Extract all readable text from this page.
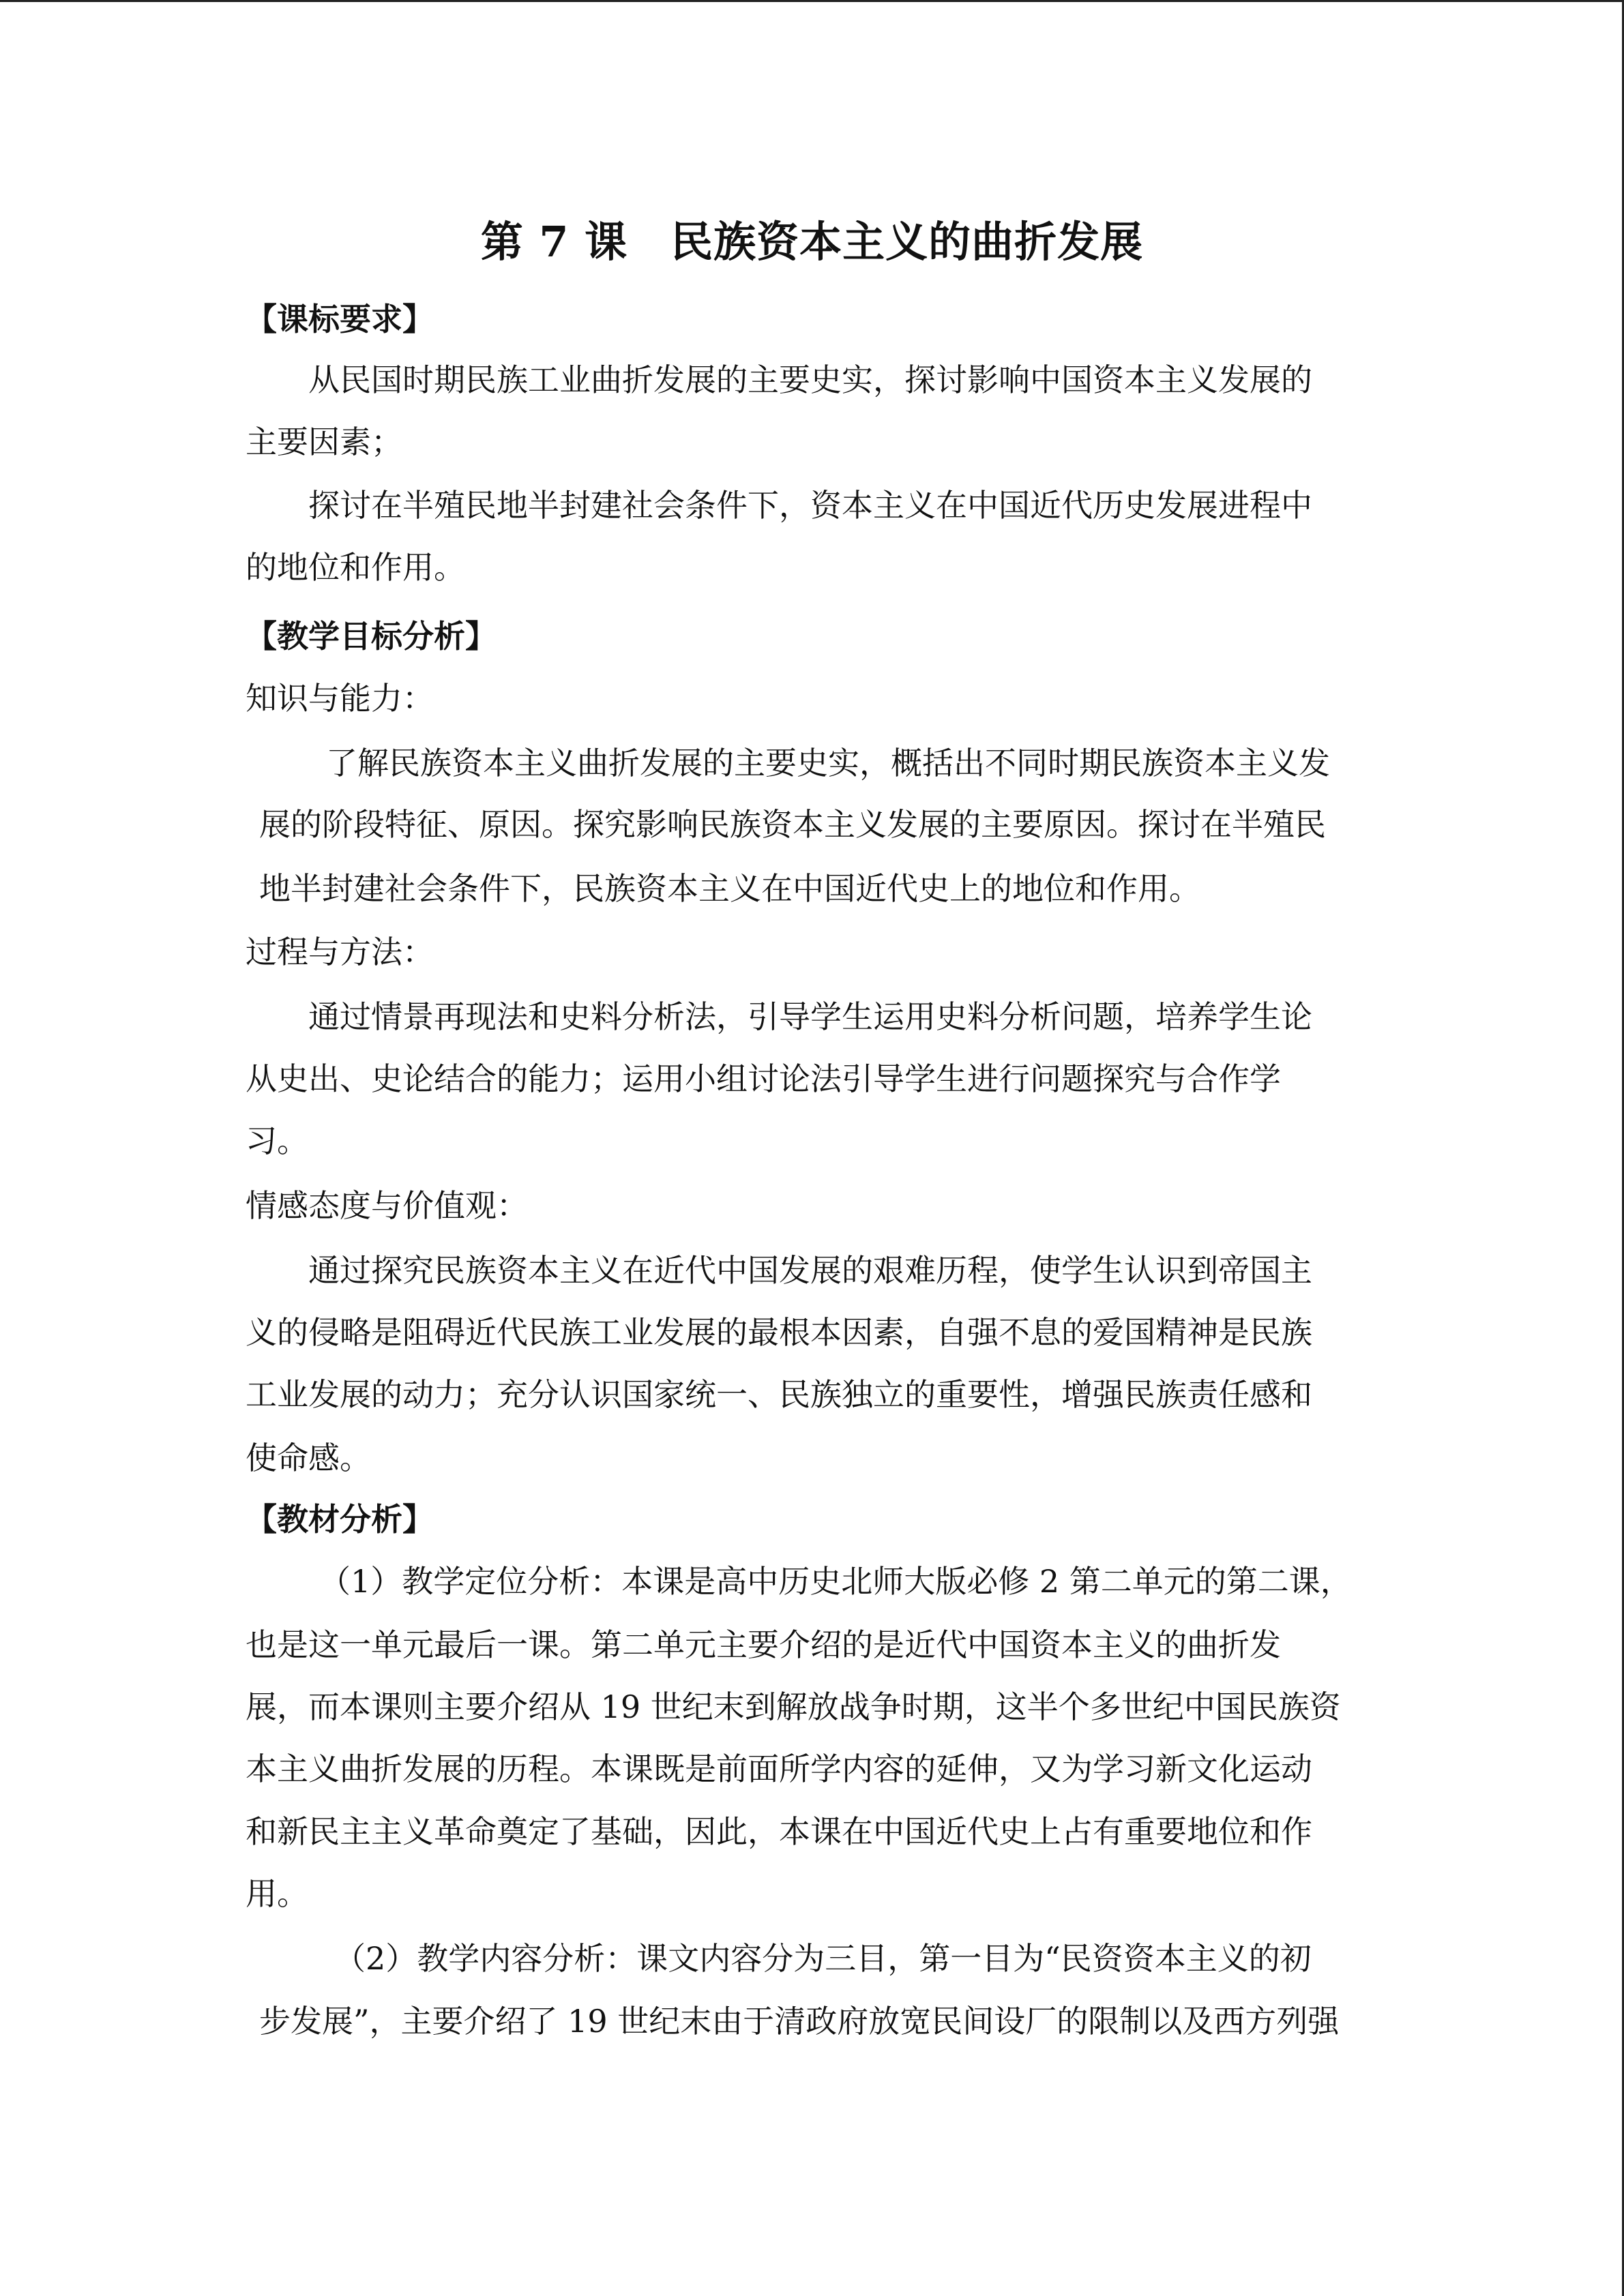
第 7 课　民族资本主义的曲折发展
【课标要求】
从民国时期民族工业曲折发展的主要史实，探讨影响中国资本主义发展的
主要因素；
探讨在半殖民地半封建社会条件下，资本主义在中国近代历史发展进程中
的地位和作用。
【教学目标分析】
知识与能力：
了解民族资本主义曲折发展的主要史实，概括出不同时期民族资本主义发
展的阶段特征、原因。探究影响民族资本主义发展的主要原因。探讨在半殖民
地半封建社会条件下，民族资本主义在中国近代史上的地位和作用。
过程与方法：
通过情景再现法和史料分析法，引导学生运用史料分析问题，培养学生论
从史出、史论结合的能力；运用小组讨论法引导学生进行问题探究与合作学
习。
情感态度与价值观：
通过探究民族资本主义在近代中国发展的艰难历程，使学生认识到帝国主
义的侵略是阻碍近代民族工业发展的最根本因素，自强不息的爱国精神是民族
工业发展的动力；充分认识国家统一、民族独立的重要性，增强民族责任感和
使命感。
【教材分析】
（1）教学定位分析：本课是高中历史北师大版必修 2 第二单元的第二课，
也是这一单元最后一课。第二单元主要介绍的是近代中国资本主义的曲折发
展，而本课则主要介绍从 19 世纪末到解放战争时期，这半个多世纪中国民族资
本主义曲折发展的历程。本课既是前面所学内容的延伸，又为学习新文化运动
和新民主主义革命奠定了基础，因此，本课在中国近代史上占有重要地位和作
用。
（2）教学内容分析：课文内容分为三目，第一目为“民资资本主义的初
步发展”，主要介绍了 19 世纪末由于清政府放宽民间设厂的限制以及西方列强
